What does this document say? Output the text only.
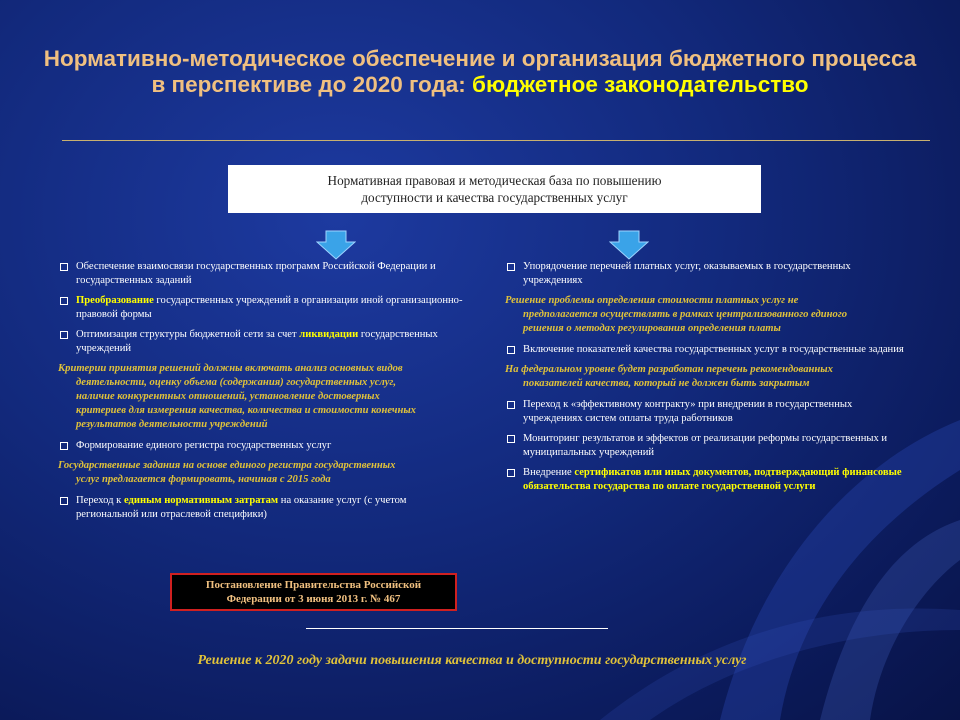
Нормативно-методическое обеспечение и организация бюджетного процесса в перспективе до 2020 года: бюджетное законодательство
Нормативная правовая и методическая база по повышению
доступности и качества государственных услуг
Обеспечение взаимосвязи государственных программ Российской Федерации и государственных заданий
Преобразование государственных учреждений в организации иной организационно-правовой формы
Оптимизация структуры бюджетной сети за счет ликвидации государственных учреждений
Критерии принятия решений должны включать анализ основных видов
деятельности, оценку объема (содержания) государственных услуг,
наличие конкурентных отношений, установление достоверных
критериев для измерения качества, количества и стоимости конечных
результатов деятельности учреждений
Формирование единого регистра государственных услуг
Государственные задания на основе единого регистра государственных
услуг предлагается формировать, начиная с 2015 года
Переход к единым нормативным затратам на оказание услуг (с учетом региональной или отраслевой специфики)
Упорядочение перечней платных услуг, оказываемых в государственных учреждениях
Решение проблемы определения стоимости платных услуг не
предполагается осуществлять в рамках централизованного единого
решения о методах регулирования определения платы
Включение показателей качества государственных услуг в государственные задания
На федеральном уровне будет разработан перечень рекомендованных
показателей качества, который не должен быть закрытым
Переход к «эффективному контракту» при внедрении в государственных учреждениях систем оплаты труда работников
Мониторинг результатов и эффектов от реализации реформы государственных и муниципальных учреждений
Внедрение сертификатов или иных документов, подтверждающий финансовые обязательства государства по оплате государственной услуги
Постановление Правительства Российской
Федерации от 3 июня 2013 г. № 467
Решение к 2020 году задачи повышения качества и доступности государственных услуг
